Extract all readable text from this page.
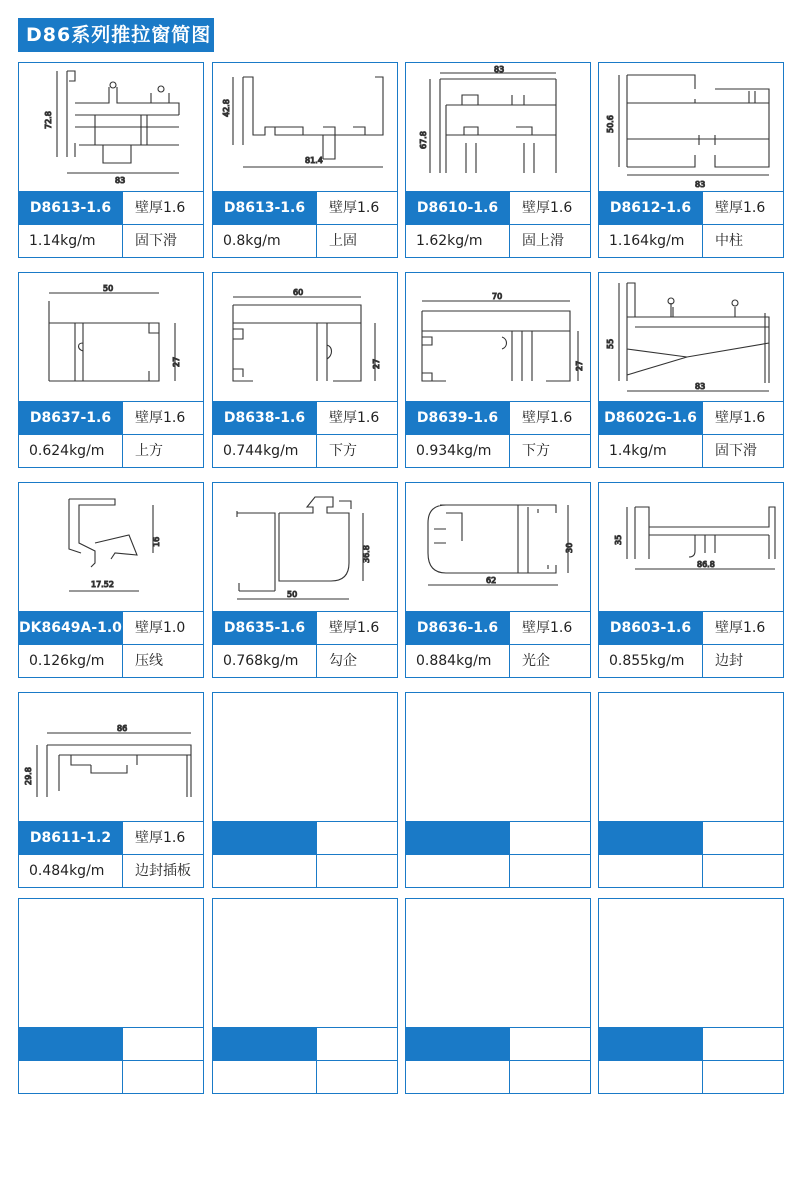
D86系列推拉窗简图
72.8
83
D8613-1.6	壁厚1.6
1.14kg/m	固下滑
42.8
81.4
D8613-1.6	壁厚1.6
0.8kg/m	上固
83
67.8
D8610-1.6	壁厚1.6
1.62kg/m	固上滑
50.6
83
D8612-1.6	壁厚1.6
1.164kg/m	中柱
50
27
D8637-1.6	壁厚1.6
0.624kg/m	上方
60
27
D8638-1.6	壁厚1.6
0.744kg/m	下方
70
27
D8639-1.6	壁厚1.6
0.934kg/m	下方
55
83
D8602G-1.6	壁厚1.6
1.4kg/m	固下滑
16
17.52
DK8649A-1.0 壁厚1.0
0.126kg/m	压线
36.8
50
D8635-1.6	壁厚1.6
0.768kg/m	勾企
30
62
D8636-1.6	壁厚1.6
0.884kg/m	光企
35
86.8
D8603-1.6	壁厚1.6
0.855kg/m	边封
86
29.8
D8611-1.2	壁厚1.6
0.484kg/m	边封插板
